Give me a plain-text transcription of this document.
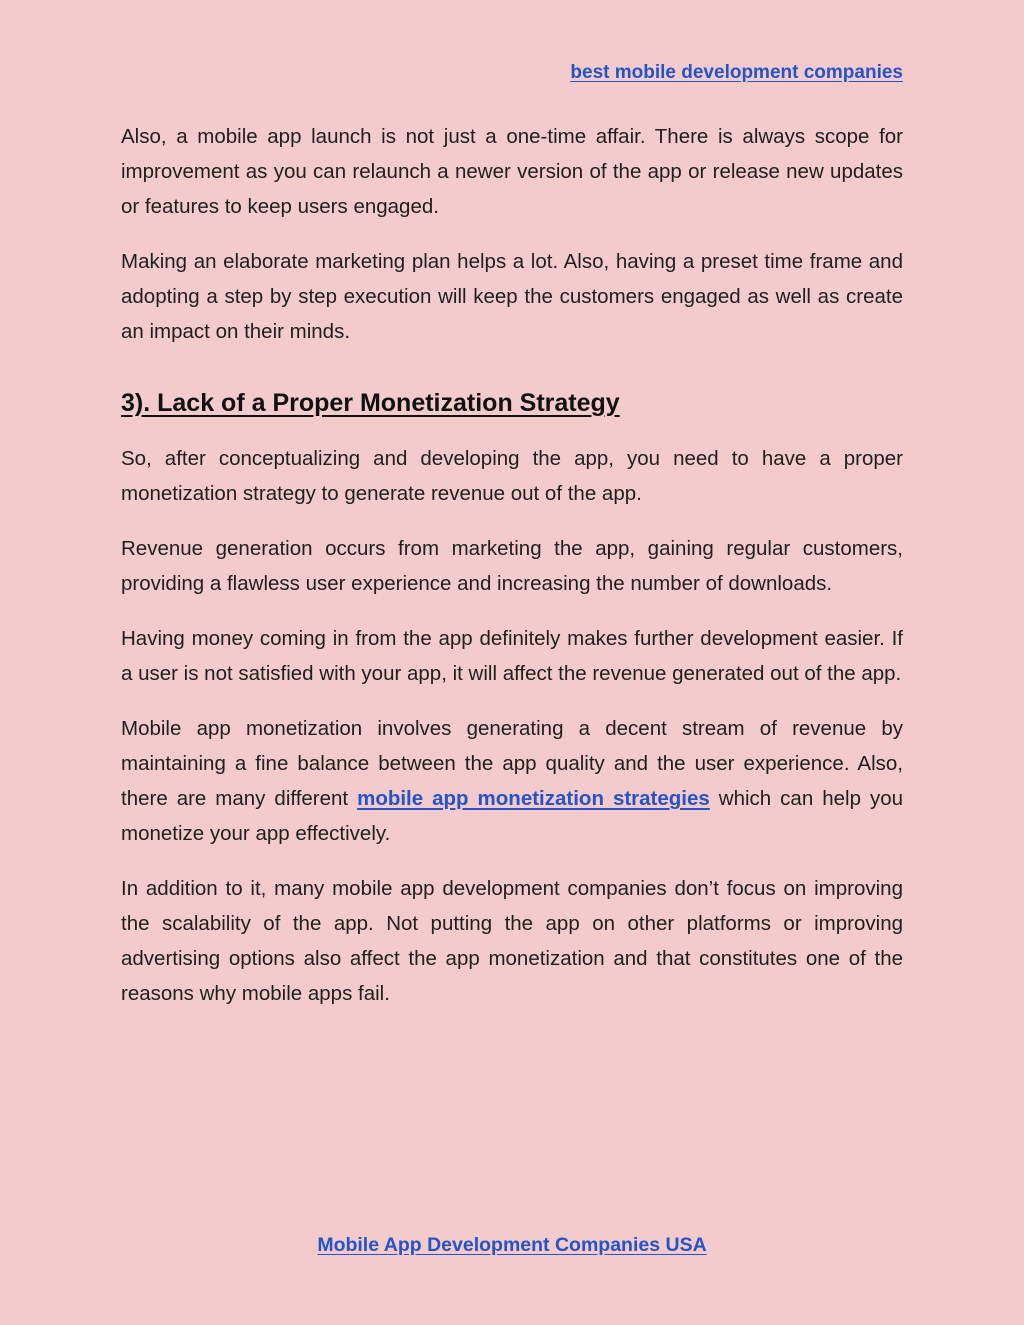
best mobile development companies

Also, a mobile app launch is not just a one-time affair. There is always scope for improvement as you can relaunch a newer version of the app or release new updates or features to keep users engaged.

Making an elaborate marketing plan helps a lot. Also, having a preset time frame and adopting a step by step execution will keep the customers engaged as well as create an impact on their minds.

3). Lack of a Proper Monetization Strategy

So, after conceptualizing and developing the app, you need to have a proper monetization strategy to generate revenue out of the app.

Revenue generation occurs from marketing the app, gaining regular customers, providing a flawless user experience and increasing the number of downloads.

Having money coming in from the app definitely makes further development easier. If a user is not satisfied with your app, it will affect the revenue generated out of the app.

Mobile app monetization involves generating a decent stream of revenue by maintaining a fine balance between the app quality and the user experience. Also, there are many different mobile app monetization strategies which can help you monetize your app effectively.

In addition to it, many mobile app development companies don’t focus on improving the scalability of the app. Not putting the app on other platforms or improving advertising options also affect the app monetization and that constitutes one of the reasons why mobile apps fail.

Mobile App Development Companies USA
